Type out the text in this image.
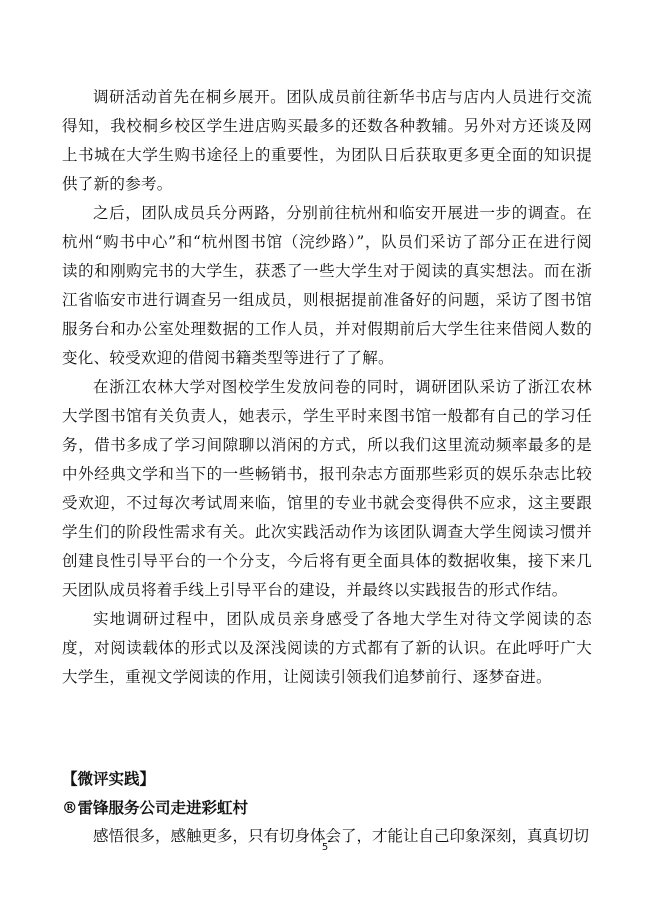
调研活动首先在桐乡展开。团队成员前往新华书店与店内人员进行交流得知，我校桐乡校区学生进店购买最多的还数各种教辅。另外对方还谈及网上书城在大学生购书途径上的重要性，为团队日后获取更多更全面的知识提供了新的参考。

之后，团队成员兵分两路，分别前往杭州和临安开展进一步的调查。在杭州“购书中心”和“杭州图书馆（浣纱路）”，队员们采访了部分正在进行阅读的和刚购完书的大学生，获悉了一些大学生对于阅读的真实想法。而在浙江省临安市进行调查另一组成员，则根据提前准备好的问题，采访了图书馆服务台和办公室处理数据的工作人员，并对假期前后大学生往来借阅人数的变化、较受欢迎的借阅书籍类型等进行了了解。

在浙江农林大学对图校学生发放问卷的同时，调研团队采访了浙江农林大学图书馆有关负责人，她表示，学生平时来图书馆一般都有自己的学习任务，借书多成了学习间隙聊以消闲的方式，所以我们这里流动频率最多的是中外经典文学和当下的一些畅销书，报刊杂志方面那些彩页的娱乐杂志比较受欢迎，不过每次考试周来临，馆里的专业书就会变得供不应求，这主要跟学生们的阶段性需求有关。此次实践活动作为该团队调查大学生阅读习惯并创建良性引导平台的一个分支，今后将有更全面具体的数据收集，接下来几天团队成员将着手线上引导平台的建设，并最终以实践报告的形式作结。

实地调研过程中，团队成员亲身感受了各地大学生对待文学阅读的态度，对阅读载体的形式以及深浅阅读的方式都有了新的认识。在此呼吁广大大学生，重视文学阅读的作用，让阅读引领我们追梦前行、逐梦奋进。

【微评实践】

®雷锋服务公司走进彩虹村

感悟很多，感触更多，只有切身体会了，才能让自己印象深刻，真真切切

5
